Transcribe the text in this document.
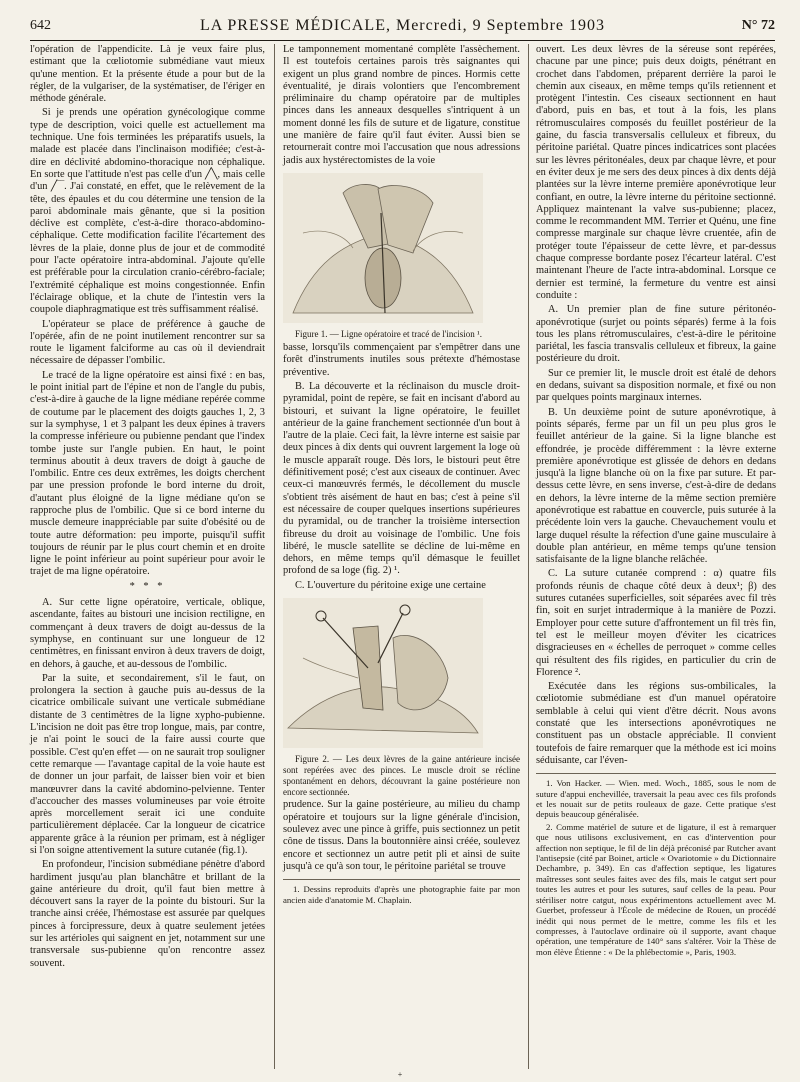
642	LA PRESSE MÉDICALE, Mercredi, 9 Septembre 1903	N° 72

l'opération de l'appendicite. Là je veux faire plus, estimant que la cœliotomie submédiane vaut mieux qu'une mention. Et la présente étude a pour but de la régler, de la vulgariser, de la systématiser, de l'ériger en méthode générale.

Si je prends une opération gynécologique comme type de description, voici quelle est actuellement ma technique. Une fois terminées les préparatifs usuels, la malade est placée dans l'inclinaison modifiée; c'est-à-dire en déclivité abdomino-thoracique non céphalique. En sorte que l'attitude n'est pas celle d'un ╱╲, mais celle d'un ╱‾‾. J'ai constaté, en effet, que le relèvement de la tête, des épaules et du cou détermine une tension de la paroi abdominale mais gênante, que si la position déclive est complète, c'est-à-dire thoraco-abdomino-céphalique. Cette modification facilite l'écartement des lèvres de la plaie, donne plus de jour et de commodité pour l'acte opératoire intra-abdominal. J'ajoute qu'elle est préférable pour la circulation cranio-cérébro-faciale; l'extrémité céphalique est moins congestionnée. Enfin l'éclairage oblique, et la chute de l'intestin vers la coupole diaphragmatique est très suffisamment réalisé.

L'opérateur se place de préférence à gauche de l'opérée, afin de ne point inutilement rencontrer sur sa route le ligament falciforme au cas où il deviendrait nécessaire de dépasser l'ombilic.

Le tracé de la ligne opératoire est ainsi fixé : en bas, le point initial part de l'épine et non de l'angle du pubis, c'est-à-dire à gauche de la ligne médiane repérée comme de coutume par le placement des doigts gauches 1, 2, 3 sur la symphyse, 1 et 3 palpant les deux épines à travers la compresse inférieure ou pubienne pendant que l'index tombe juste sur l'angle pubien. En haut, le point terminus aboutit à deux travers de doigt à gauche de l'ombilic. Entre ces deux extrêmes, les doigts cherchent par une pression profonde le bord interne du droit, d'autant plus éloigné de la ligne médiane qu'on se rapproche plus de l'ombilic. Que si ce bord interne du muscle demeure inappréciable par suite d'obésité ou de toute autre déformation: peu importe, puisqu'il suffit toujours de réunir par le plus court chemin et en droite ligne le point inférieur au point supérieur pour avoir le trajet de ma ligne opératoire.

* * *

A. Sur cette ligne opératoire, verticale, oblique, ascendante, faites au bistouri une incision rectiligne, en commençant à deux travers de doigt au-dessus de la symphyse, en continuant sur une longueur de 12 centimètres, en finissant environ à deux travers de doigt, en dehors, à gauche, et au-dessous de l'ombilic.

Par la suite, et secondairement, s'il le faut, on prolongera la section à gauche puis au-dessus de la cicatrice ombilicale suivant une verticale submédiane distante de 3 centimètres de la ligne xypho-pubienne. L'incision ne doit pas être trop longue, mais, par contre, je n'ai point le souci de la faire aussi courte que possible. C'est qu'en effet — on ne saurait trop souligner cette remarque — l'avantage capital de la voie haute est de donner un jour parfait, de laisser bien voir et bien manœuvrer dans la cavité abdomino-pelvienne. Tenter d'accoucher des masses volumineuses par voie étroite après morcellement serait ici une conduite particulièrement déplacée. Car la longueur de cicatrice apparente grâce à la réunion per primam, est à négliger si l'on soigne attentivement la suture cutanée (fig.1).

En profondeur, l'incision submédiane pénètre d'abord hardiment jusqu'au plan blanchâtre et brillant de la gaine antérieure du droit, qu'il faut bien mettre à découvert sans la rayer de la pointe du bistouri. Sur la tranche ainsi créée, l'hémostase est assurée par quelques pinces à forcipressure, deux à quatre seulement jetées sur les artérioles qui saignent en jet, notamment sur une transversale sus-pubienne qu'on rencontre assez souvent.

Le tamponnement momentané complète l'assèchement. Il est toutefois certaines parois très saignantes qui exigent un plus grand nombre de pinces. Hormis cette éventualité, je dirais volontiers que l'encombrement préliminaire du champ opératoire par de multiples pinces dans les anneaux desquelles s'intriquent à un moment donné les fils de suture et de ligature, constitue une manière de faire qu'il faut éviter. Aussi bien se retournerait contre moi l'accusation que nous adressions jadis aux hystérectomistes de la voie

Figure 1. — Ligne opératoire et tracé de l'incision ¹.

basse, lorsqu'ils commençaient par s'empêtrer dans une forêt d'instruments inutiles sous prétexte d'hémostase préventive.

B. La découverte et la réclinaison du muscle droit-pyramidal, point de repère, se fait en incisant d'abord au bistouri, et suivant la ligne opératoire, le feuillet antérieur de la gaine franchement sectionnée d'un bout à l'autre de la plaie. Ceci fait, la lèvre interne est saisie par deux pinces à dix dents qui ouvrent largement la loge où le muscle apparaît rouge. Dès lors, le bistouri peut être définitivement posé; c'est aux ciseaux de continuer. Avec ceux-ci manœuvrés fermés, le décollement du muscle s'obtient très aisément de haut en bas; c'est à peine s'il est nécessaire de couper quelques insertions supérieures du pyramidal, ou de trancher la troisième intersection fibreuse du droit au voisinage de l'ombilic. Une fois libéré, le muscle satellite se décline de lui-même en dehors, en même temps qu'il démasque le feuillet profond de sa loge (fig. 2) ¹.

C. L'ouverture du péritoine exige une certaine

Figure 2. — Les deux lèvres de la gaine antérieure incisée sont repérées avec des pinces. Le muscle droit se récline spontanément en dehors, découvrant la gaine postérieure non encore sectionnée.

prudence. Sur la gaine postérieure, au milieu du champ opératoire et toujours sur la ligne générale d'incision, soulevez avec une pince à griffe, puis sectionnez un petit cône de tissus. Dans la boutonnière ainsi créée, soulevez encore et sectionnez un autre petit pli et ainsi de suite jusqu'à ce qu'à son tour, le péritoine pariétal se trouve

1. Dessins reproduits d'après une photographie faite par mon ancien aide d'anatomie M. Chaplain.

ouvert. Les deux lèvres de la séreuse sont repérées, chacune par une pince; puis deux doigts, pénétrant en crochet dans l'abdomen, préparent derrière la paroi le chemin aux ciseaux, en même temps qu'ils retiennent et protègent l'intestin. Ces ciseaux sectionnent en haut d'abord, puis en bas, et tout à la fois, les plans rétromusculaires composés du feuillet postérieur de la gaine, du fascia transversalis celluleux et fibreux, du péritoine pariétal. Quatre pinces indicatrices sont placées sur les lèvres péritonéales, deux par chaque lèvre, et pour en éviter deux je me sers des deux pinces à dix dents déjà plantées sur la lèvre interne première aponévrotique leur confiant, en outre, la lèvre interne du péritoine sectionné. Appliquez maintenant la valve sus-pubienne; placez, comme le recommandent MM. Terrier et Quénu, une fine compresse marginale sur chaque lèvre cruentée, afin de protéger toute l'épaisseur de cette lèvre, et par-dessus chaque compresse bordante posez l'écarteur latéral. C'est maintenant l'heure de l'acte intra-abdominal. Lorsque ce dernier est terminé, la fermeture du ventre est ainsi conduite :

A. Un premier plan de fine suture péritonéo-aponévrotique (surjet ou points séparés) ferme à la fois tous les plans rétromusculaires, c'est-à-dire le péritoine pariétal, les fascia transvalis celluleux et fibreux, la gaine postérieure du droit.

Sur ce premier lit, le muscle droit est étalé de dehors en dedans, suivant sa disposition normale, et fixé ou non par quelques points marginaux internes.

B. Un deuxième point de suture aponévrotique, à points séparés, ferme par un fil un peu plus gros le feuillet antérieur de la gaine. Si la ligne blanche est effondrée, je procède différemment : la lèvre externe première aponévrotique est glissée de dehors en dedans jusqu'à la ligne blanche où on la fixe par suture. Et par-dessus cette lèvre, en sens inverse, c'est-à-dire de dedans en dehors, la lèvre interne de la même section première aponévrotique est rabattue en couvercle, puis suturée à la précédente loin vers la gauche. Chevauchement voulu et large duquel résulte la réfection d'une gaine musculaire à double plan antérieur, en même temps qu'une tension satisfaisante de la ligne blanche relâchée.

C. La suture cutanée comprend : α) quatre fils profonds réunis de chaque côté deux à deux¹; β) des sutures cutanées superficielles, soit séparées avec fil très fin, soit en surjet intradermique à la manière de Pozzi. Employer pour cette suture d'affrontement un fil très fin, tel est le meilleur moyen d'éviter les cicatrices disgracieuses en « échelles de perroquet » comme celles qui résultent des fils rigides, en particulier du crin de Florence ².

Exécutée dans les régions sus-ombilicales, la cœliotomie submédiane est d'un manuel opératoire semblable à celui qui vient d'être décrit. Nous avons constaté que les intersections aponévrotiques ne constituent pas un obstacle appréciable. Il convient toutefois de faire remarquer que la méthode est ici moins séduisante, car l'éven-

1. Von Hacker. — Wien. med. Woch., 1885, sous le nom de suture d'appui enchevillée, traversait la peau avec ces fils profonds et les nouait sur de petits rouleaux de gaze. Cette pratique s'est depuis beaucoup généralisée.

2. Comme matériel de suture et de ligature, il est à remarquer que nous utilisons exclusivement, en cas d'intervention pour affection non septique, le fil de lin déjà préconisé par Rutcher avant l'antisepsie (cité par Boinet, article « Ovariotomie » du Dictionnaire Dechambre, p. 349). En cas d'affection septique, les ligatures maîtresses sont seules faites avec des fils, mais le catgut sert pour toutes les autres et pour les sutures, sauf celles de la peau. Pour stériliser notre catgut, nous expérimentons actuellement avec M. Guerbet, professeur à l'École de médecine de Rouen, un procédé inédit qui nous permet de le mettre, comme les fils et les compresses, à l'autoclave ordinaire où il supporte, avant chaque opération, une température de 140° sans s'altérer. Voir la Thèse de mon élève Étienne : « De la phlébectomie », Paris, 1903.

+
